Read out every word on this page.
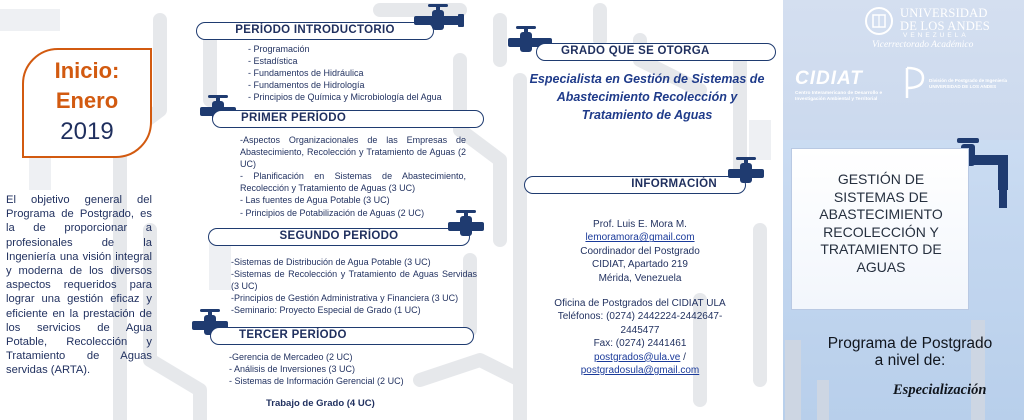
Inicio:
Enero
2019
El objetivo general del Programa de Postgrado, es la de proporcionar a profesionales de la Ingeniería una visión integral y moderna de los diversos aspectos requeridos para lograr una gestión eficaz y eficiente en la prestación de los servicios de Agua Potable, Recolección y Tratamiento de Aguas servidas (ARTA).
PERÍODO INTRODUCTORIO
- Programación
- Estadística
- Fundamentos de Hidráulica
- Fundamentos de Hidrología
- Principios de Química y Microbiología del Agua
PRIMER PERÍODO
-Aspectos Organizacionales de las Empresas de Abastecimiento, Recolección y Tratamiento de Aguas (2 UC)
- Planificación en Sistemas de Abastecimiento, Recolección y Tratamiento de Aguas (3 UC)
- Las fuentes de Agua Potable (3 UC)
- Principios de Potabilización de Aguas (2 UC)
SEGUNDO PERÍODO
-Sistemas de Distribución de Agua Potable (3 UC)
-Sistemas de Recolección y Tratamiento de Aguas Servidas (3 UC)
-Principios de Gestión Administrativa y Financiera (3 UC)
-Seminario: Proyecto Especial de Grado (1 UC)
TERCER PERÍODO
-Gerencia de Mercadeo (2 UC)
- Análisis de Inversiones (3 UC)
- Sistemas de Información Gerencial (2 UC)
Trabajo de Grado (4 UC)
GRADO QUE SE OTORGA
Especialista en Gestión de Sistemas de
Abastecimiento Recolección y
Tratamiento de Aguas
INFORMACIÓN
Prof. Luis E. Mora M.
lemoramora@gmail.com
Coordinador del Postgrado
CIDIAT, Apartado 219
Mérida, Venezuela
Oficina de Postgrados del CIDIAT ULA
Teléfonos: (0274) 2442224-2442647-
2445477
Fax: (0274) 2441461
postgrados@ula.ve /
postgradosula@gmail.com
UNIVERSIDAD
DE LOS ANDES
VENEZUELA
Vicerrectorado Académico
CIDIAT
Centro Interamericano de Desarrollo e Investigación Ambiental y Territorial
División de Postgrado de Ingeniería UNIVERSIDAD DE LOS ANDES
GESTIÓN DE
SISTEMAS DE
ABASTECIMIENTO
RECOLECCIÓN Y
TRATAMIENTO DE
AGUAS
Programa de Postgrado
a nivel de:
Especialización
